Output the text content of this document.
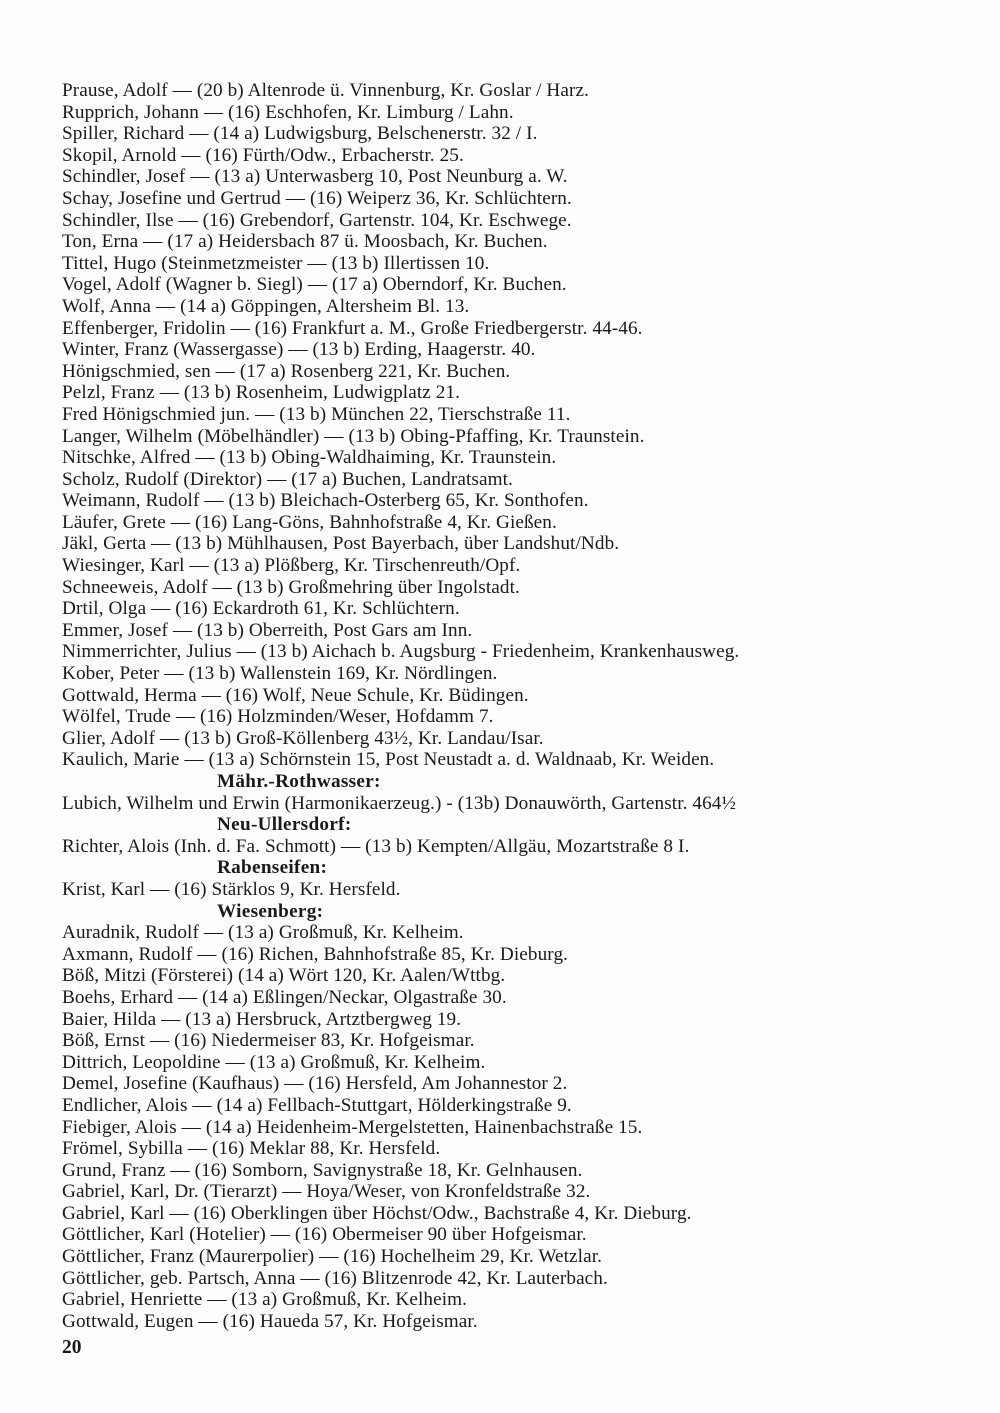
Prause, Adolf — (20 b) Altenrode ü. Vinnenburg, Kr. Goslar / Harz.
Rupprich, Johann — (16) Eschhofen, Kr. Limburg / Lahn.
Spiller, Richard — (14 a) Ludwigsburg, Belschenerstr. 32 / I.
Skopil, Arnold — (16) Fürth/Odw., Erbacherstr. 25.
Schindler, Josef — (13 a) Unterwasberg 10, Post Neunburg a. W.
Schay, Josefine und Gertrud — (16) Weiperz 36, Kr. Schlüchtern.
Schindler, Ilse — (16) Grebendorf, Gartenstr. 104, Kr. Eschwege.
Ton, Erna — (17 a) Heidersbach 87 ü. Moosbach, Kr. Buchen.
Tittel, Hugo (Steinmetzmeister — (13 b) Illertissen 10.
Vogel, Adolf (Wagner b. Siegl) — (17 a) Oberndorf, Kr. Buchen.
Wolf, Anna — (14 a) Göppingen, Altersheim Bl. 13.
Effenberger, Fridolin — (16) Frankfurt a. M., Große Friedbergerstr. 44-46.
Winter, Franz (Wassergasse) — (13 b) Erding, Haagerstr. 40.
Hönigschmied, sen — (17 a) Rosenberg 221, Kr. Buchen.
Pelzl, Franz — (13 b) Rosenheim, Ludwigplatz 21.
Fred Hönigschmied jun. — (13 b) München 22, Tierschstraße 11.
Langer, Wilhelm (Möbelhändler) — (13 b) Obing-Pfaffing, Kr. Traunstein.
Nitschke, Alfred — (13 b) Obing-Waldhaiming, Kr. Traunstein.
Scholz, Rudolf (Direktor) — (17 a) Buchen, Landratsamt.
Weimann, Rudolf — (13 b) Bleichach-Osterberg 65, Kr. Sonthofen.
Läufer, Grete — (16) Lang-Göns, Bahnhofstraße 4, Kr. Gießen.
Jäkl, Gerta — (13 b) Mühlhausen, Post Bayerbach, über Landshut/Ndb.
Wiesinger, Karl — (13 a) Plößberg, Kr. Tirschenreuth/Opf.
Schneeweis, Adolf — (13 b) Großmehring über Ingolstadt.
Drtil, Olga — (16) Eckardroth 61, Kr. Schlüchtern.
Emmer, Josef — (13 b) Oberreith, Post Gars am Inn.
Nimmerrichter, Julius — (13 b) Aichach b. Augsburg - Friedenheim, Krankenhausweg.
Kober, Peter — (13 b) Wallenstein 169, Kr. Nördlingen.
Gottwald, Herma — (16) Wolf, Neue Schule, Kr. Büdingen.
Wölfel, Trude — (16) Holzminden/Weser, Hofdamm 7.
Glier, Adolf — (13 b) Groß-Köllenberg 43½, Kr. Landau/Isar.
Kaulich, Marie — (13 a) Schörnstein 15, Post Neustadt a. d. Waldnaab, Kr. Weiden.
Mähr.-Rothwasser:
Lubich, Wilhelm und Erwin (Harmonikaerzeug.) - (13b) Donauwörth, Gartenstr. 464½
Neu-Ullersdorf:
Richter, Alois (Inh. d. Fa. Schmott) — (13 b) Kempten/Allgäu, Mozartstraße 8 I.
Rabenseifen:
Krist, Karl — (16) Stärklos 9, Kr. Hersfeld.
Wiesenberg:
Auradnik, Rudolf — (13 a) Großmuß, Kr. Kelheim.
Axmann, Rudolf — (16) Richen, Bahnhofstraße 85, Kr. Dieburg.
Böß, Mitzi (Försterei) (14 a) Wört 120, Kr. Aalen/Wttbg.
Boehs, Erhard — (14 a) Eßlingen/Neckar, Olgastraße 30.
Baier, Hilda — (13 a) Hersbruck, Artztbergweg 19.
Böß, Ernst — (16) Niedermeiser 83, Kr. Hofgeismar.
Dittrich, Leopoldine — (13 a) Großmuß, Kr. Kelheim.
Demel, Josefine (Kaufhaus) — (16) Hersfeld, Am Johannestor 2.
Endlicher, Alois — (14 a) Fellbach-Stuttgart, Hölderkingstraße 9.
Fiebiger, Alois — (14 a) Heidenheim-Mergelstetten, Hainenbachstraße 15.
Frömel, Sybilla — (16) Meklar 88, Kr. Hersfeld.
Grund, Franz — (16) Somborn, Savignystraße 18, Kr. Gelnhausen.
Gabriel, Karl, Dr. (Tierarzt) — Hoya/Weser, von Kronfeldstraße 32.
Gabriel, Karl — (16) Oberklingen über Höchst/Odw., Bachstraße 4, Kr. Dieburg.
Göttlicher, Karl (Hotelier) — (16) Obermeiser 90 über Hofgeismar.
Göttlicher, Franz (Maurerpolier) — (16) Hochelheim 29, Kr. Wetzlar.
Göttlicher, geb. Partsch, Anna — (16) Blitzenrode 42, Kr. Lauterbach.
Gabriel, Henriette — (13 a) Großmuß, Kr. Kelheim.
Gottwald, Eugen — (16) Haueda 57, Kr. Hofgeismar.
20
